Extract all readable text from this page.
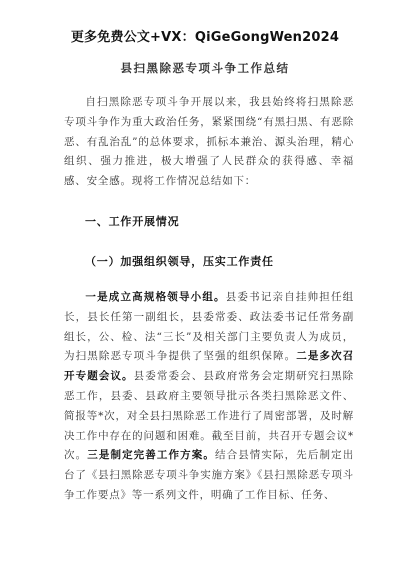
更多免费公文+VX：QiGeGongWen2024
县扫黑除恶专项斗争工作总结
自扫黑除恶专项斗争开展以来，我县始终将扫黑除恶专项斗争作为重大政治任务，紧紧围绕“有黑扫黑、有恶除恶、有乱治乱”的总体要求，抓标本兼治、源头治理，精心组织、强力推进，极大增强了人民群众的获得感、幸福感、安全感。现将工作情况总结如下：
一、工作开展情况
（一）加强组织领导，压实工作责任
一是成立高规格领导小组。县委书记亲自挂帅担任组长，县长任第一副组长，县委常委、政法委书记任常务副组长，公、检、法“三长”及相关部门主要负责人为成员，为扫黑除恶专项斗争提供了坚强的组织保障。二是多次召开专题会议。县委常委会、县政府常务会定期研究扫黑除恶工作，县委、县政府主要领导批示各类扫黑除恶文件、简报等*次，对全县扫黑除恶工作进行了周密部署，及时解决工作中存在的问题和困难。截至目前，共召开专题会议*次。三是制定完善工作方案。结合县情实际，先后制定出台了《县扫黑除恶专项斗争实施方案》《县扫黑除恶专项斗争工作要点》等一系列文件，明确了工作目标、任务、
